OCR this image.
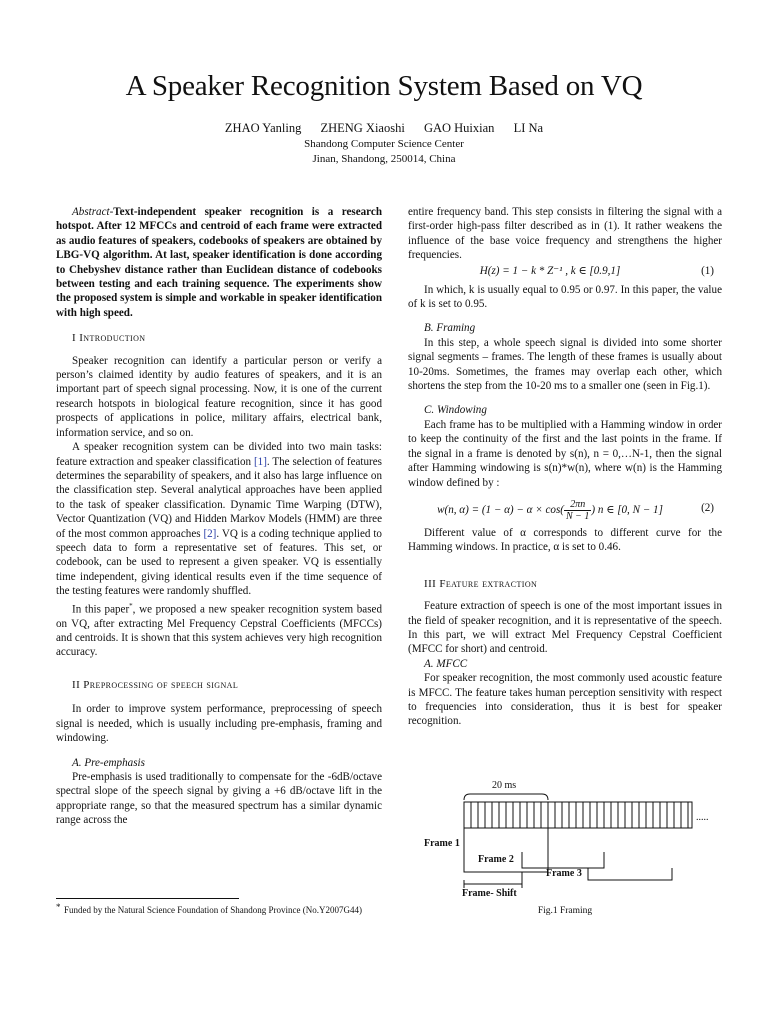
A Speaker Recognition System Based on VQ
ZHAO Yanling ZHENG Xiaoshi GAO Huixian LI Na
Shandong Computer Science Center
Jinan, Shandong, 250014, China

Abstract-Text-independent speaker recognition is a research hotspot. After 12 MFCCs and centroid of each frame were extracted as audio features of speakers, codebooks of speakers are obtained by LBG-VQ algorithm. At last, speaker identification is done according to Chebyshev distance rather than Euclidean distance of codebooks between testing and each training sequence. The experiments show the proposed system is simple and workable in speaker identification with high speed.

I Introduction

Speaker recognition can identify a particular person or verify a person’s claimed identity by audio features of speakers, and it is an important part of speech signal processing. Now, it is one of the current research hotspots in biological feature recognition, since it has good prospects of applications in police, military affairs, electrical bank, information service, and so on.

A speaker recognition system can be divided into two main tasks: feature extraction and speaker classification [1]. The selection of features determines the separability of speakers, and it also has large influence on the classification step. Several analytical approaches have been applied to the task of speaker classification. Dynamic Time Warping (DTW), Vector Quantization (VQ) and Hidden Markov Models (HMM) are three of the most common approaches [2]. VQ is a coding technique applied to speech data to form a representative set of features. This set, or codebook, can be used to represent a given speaker. VQ is essentially time independent, giving identical results even if the time sequence of the testing features were randomly shuffled.

In this paper*, we proposed a new speaker recognition system based on VQ, after extracting Mel Frequency Cepstral Coefficients (MFCCs) and centroids. It is shown that this system achieves very high recognition accuracy.

II Preprocessing of speech signal

In order to improve system performance, preprocessing of speech signal is needed, which is usually including pre-emphasis, framing and windowing.

A. Pre-emphasis

Pre-emphasis is used traditionally to compensate for the -6dB/octave spectral slope of the speech signal by giving a +6 dB/octave lift in the appropriate range, so that the measured spectrum has a similar dynamic range across the

entire frequency band. This step consists in filtering the signal with a first-order high-pass filter described as in (1). It rather weakens the influence of the base voice frequency and strengthens the higher frequencies.

H(z) = 1 − k * Z⁻¹ , k ∈ [0.9,1]	(1)

In which, k is usually equal to 0.95 or 0.97. In this paper, the value of k is set to 0.95.

B. Framing

In this step, a whole speech signal is divided into some shorter signal segments – frames. The length of these frames is usually about 10-20ms. Sometimes, the frames may overlap each other, which shortens the step from the 10-20 ms to a smaller one (seen in Fig.1).

C. Windowing

Each frame has to be multiplied with a Hamming window in order to keep the continuity of the first and the last points in the frame. If the signal in a frame is denoted by s(n), n = 0,…N-1, then the signal after Hamming windowing is s(n)*w(n), where w(n) is the Hamming window defined by :

w(n, $\alpha) = (1 - \alpha) - \alpha \times \cos( \frac{2\pi n}{N - 1}$ ) n ∈ [0, N − 1]	(2)

Different value of α corresponds to different curve for the Hamming windows. In practice, α is set to 0.46.

III Feature extraction

Feature extraction of speech is one of the most important issues in the field of speaker recognition, and it is representative of the speech. In this part, we will extract Mel Frequency Cepstral Coefficient (MFCC for short) and centroid.

A. MFCC

For speaker recognition, the most commonly used acoustic feature is MFCC. The feature takes human perception sensitivity with respect to frequencies into consideration, thus it is best for speaker recognition.

20 ms
.....
Frame 1
Frame 2
Frame 3
Frame- Shift
Fig.1 Framing
* Funded by the Natural Science Foundation of Shandong Province (No.Y2007G44)
